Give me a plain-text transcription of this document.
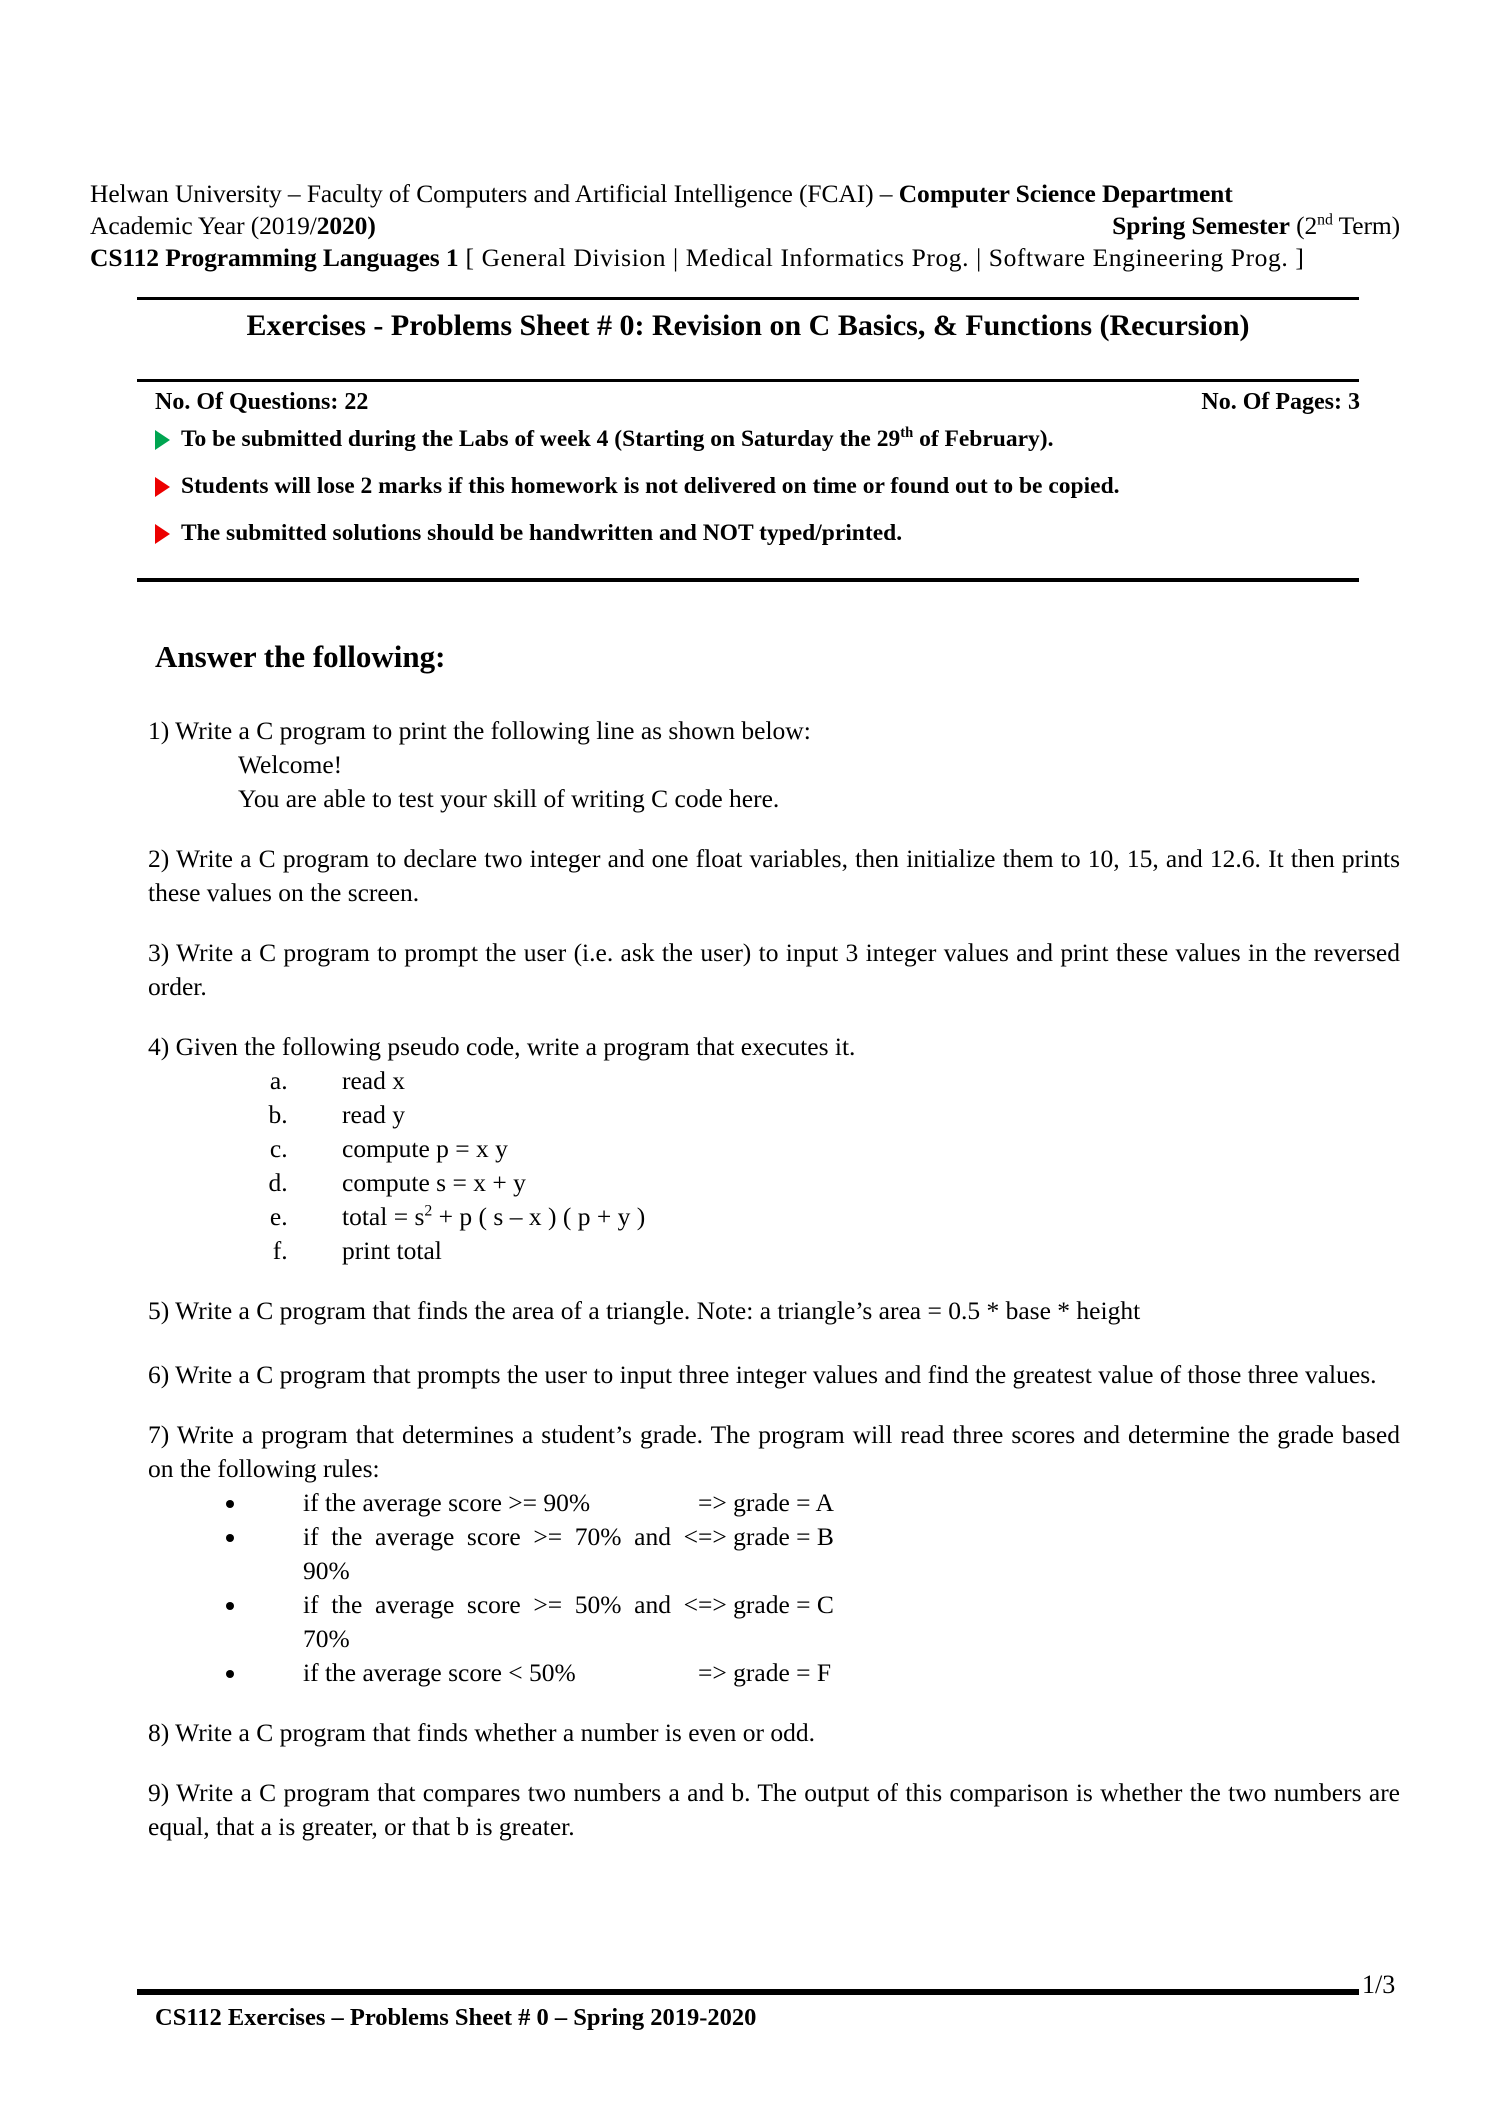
Helwan University – Faculty of Computers and Artificial Intelligence (FCAI) – Computer Science Department
Academic Year (2019/2020)	Spring Semester (2nd Term)
CS112 Programming Languages 1 [ General Division | Medical Informatics Prog. | Software Engineering Prog. ]
Exercises - Problems Sheet # 0: Revision on C Basics, & Functions (Recursion)
No. Of Questions: 22	No. Of Pages: 3
To be submitted during the Labs of week 4 (Starting on Saturday the 29th of February).
Students will lose 2 marks if this homework is not delivered on time or found out to be copied.
The submitted solutions should be handwritten and NOT typed/printed.
Answer the following:

1) Write a C program to print the following line as shown below:

Welcome!

You are able to test your skill of writing C code here.

2) Write a C program to declare two integer and one float variables, then initialize them to 10, 15, and 12.6. It then prints these values on the screen.

3) Write a C program to prompt the user (i.e. ask the user) to input 3 integer values and print these values in the reversed order.

4) Given the following pseudo code, write a program that executes it.

a. read x
b. read y
c. compute p = x y
d. compute s = x + y
e. total = $s^2 + p$ ( s – x ) ( p + y )
f. print total

5) Write a C program that finds the area of a triangle. Note: a triangle’s area = 0.5 * base * height

6) Write a C program that prompts the user to input three integer values and find the greatest value of those three values.

7) Write a program that determines a student’s grade. The program will read three scores and determine the grade based on the following rules:

• if the average score >= 90%	=> grade = A
• if the average score >= 70% and < 90%
=> grade = B
• if the average score >= 50% and < 70%
=> grade = C
• if the average score < 50%	=> grade = F

8) Write a C program that finds whether a number is even or odd.

9) Write a C program that compares two numbers a and b. The output of this comparison is whether the two numbers are equal, that a is greater, or that b is greater.

1/3
CS112 Exercises – Problems Sheet # 0 – Spring 2019-2020
